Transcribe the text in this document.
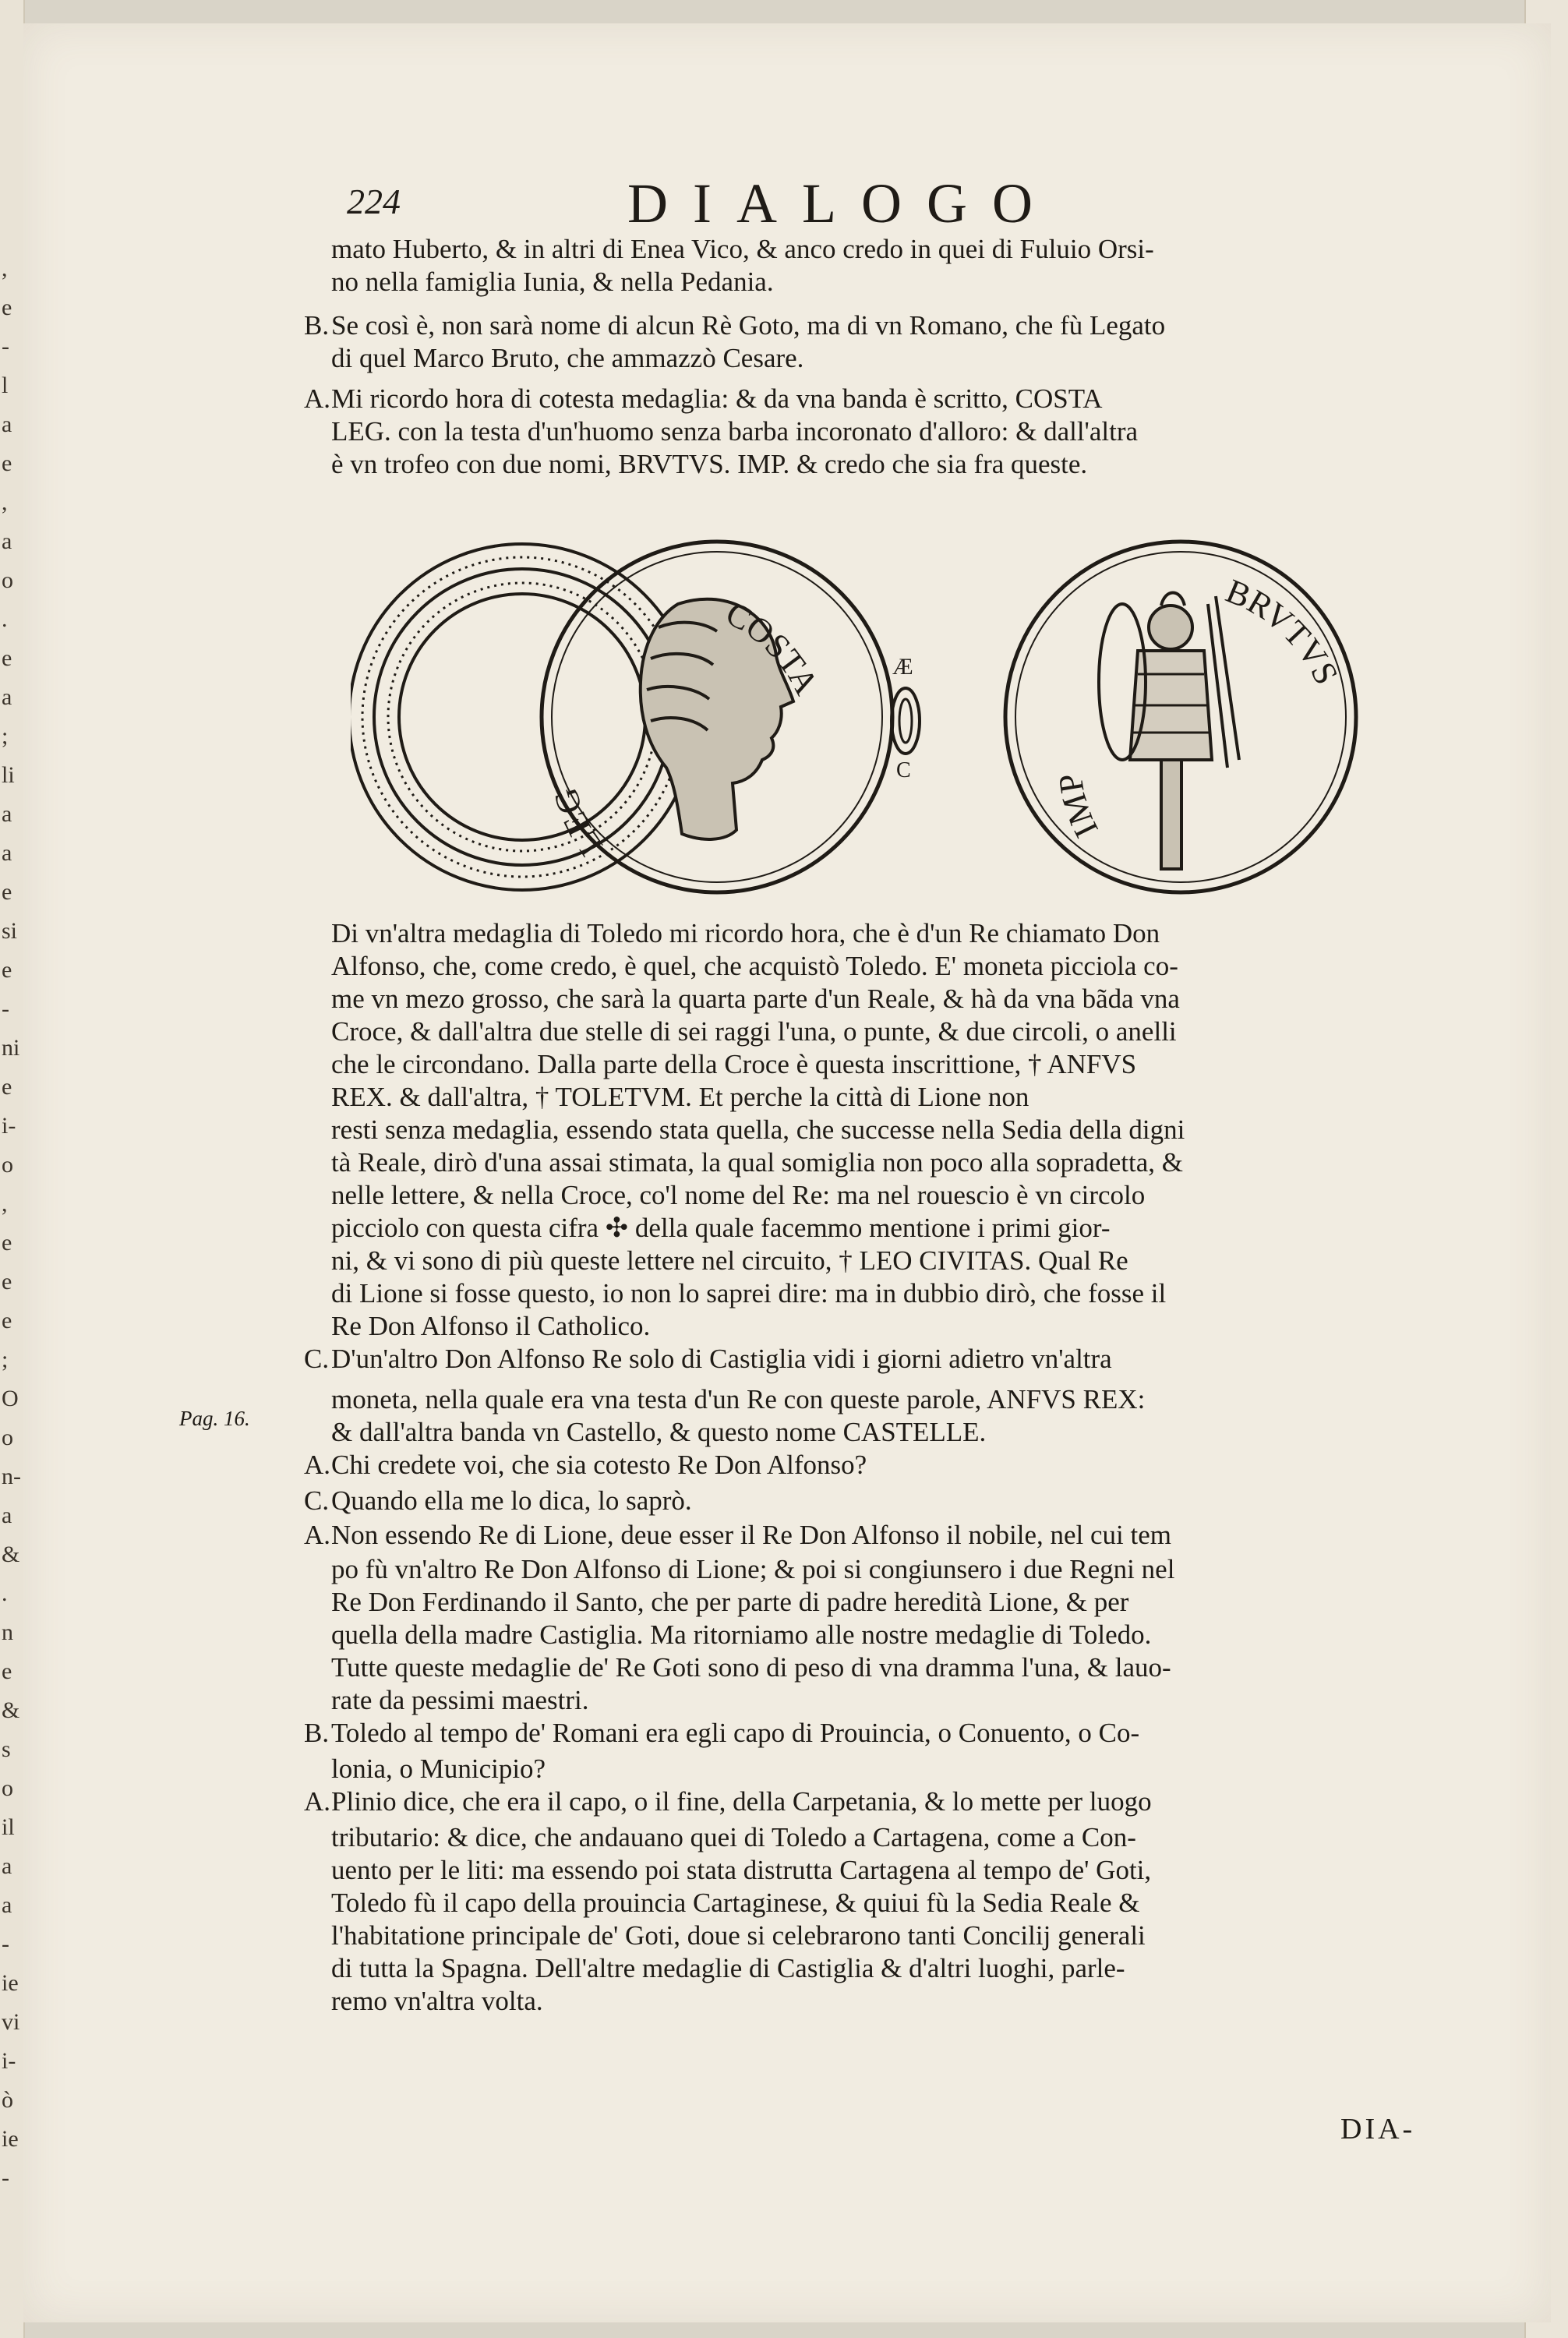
,
e
-
l
a
e
,
a
o
.
e
a
;
li
a
a
e
si
e
-
ni
e
i-
o
,
e
e
e
;
O
o
n-
a
&
.
n
e
&
s
o
il
a
a
-
ie
vi
i-
ò
ie
-
224	DIALOGO
COSTA
LEG
Æ
C
BRVTVS
IMP
mato Huberto, & in altri di Enea Vico, & anco credo in quei di Fuluio Orsi-
no nella famiglia Iunia, & nella Pedania.
B. Se così è, non sarà nome di alcun Rè Goto, ma di vn Romano, che fù Legato
di quel Marco Bruto, che ammazzò Cesare.
A. Mi ricordo hora di cotesta medaglia: & da vna banda è scritto, COSTA
LEG. con la testa d'un'huomo senza barba incoronato d'alloro: & dall'altra
è vn trofeo con due nomi, BRVTVS. IMP. & credo che sia fra queste.
Di vn'altra medaglia di Toledo mi ricordo hora, che è d'un Re chiamato Don
Alfonso, che, come credo, è quel, che acquistò Toledo. E' moneta picciola co-
me vn mezo grosso, che sarà la quarta parte d'un Reale, & hà da vna bãda vna
Croce, & dall'altra due stelle di sei raggi l'una, o punte, & due circoli, o anelli
che le circondano. Dalla parte della Croce è questa inscrittione, † ANFVS
REX. & dall'altra, † TOLETVM. Et perche la città di Lione non
resti senza medaglia, essendo stata quella, che successe nella Sedia della digni
tà Reale, dirò d'una assai stimata, la qual somiglia non poco alla sopradetta, &
nelle lettere, & nella Croce, co'l nome del Re: ma nel rouescio è vn circolo
picciolo con questa cifra ✣ della quale facemmo mentione i primi gior-
ni, & vi sono di più queste lettere nel circuito, † LEO CIVITAS. Qual Re
di Lione si fosse questo, io non lo saprei dire: ma in dubbio dirò, che fosse il
Re Don Alfonso il Catholico.
C. D'un'altro Don Alfonso Re solo di Castiglia vidi i giorni adietro vn'altra
moneta, nella quale era vna testa d'un Re con queste parole, ANFVS REX:
& dall'altra banda vn Castello, & questo nome CASTELLE.
A. Chi credete voi, che sia cotesto Re Don Alfonso?
C. Quando ella me lo dica, lo saprò.
A. Non essendo Re di Lione, deue esser il Re Don Alfonso il nobile, nel cui tem
po fù vn'altro Re Don Alfonso di Lione; & poi si congiunsero i due Regni nel
Re Don Ferdinando il Santo, che per parte di padre heredità Lione, & per
quella della madre Castiglia. Ma ritorniamo alle nostre medaglie di Toledo.
Tutte queste medaglie de' Re Goti sono di peso di vna dramma l'una, & lauo-
rate da pessimi maestri.
B. Toledo al tempo de' Romani era egli capo di Prouincia, o Conuento, o Co-
lonia, o Municipio?
A. Plinio dice, che era il capo, o il fine, della Carpetania, & lo mette per luogo
tributario: & dice, che andauano quei di Toledo a Cartagena, come a Con-
uento per le liti: ma essendo poi stata distrutta Cartagena al tempo de' Goti,
Toledo fù il capo della prouincia Cartaginese, & quiui fù la Sedia Reale &
l'habitatione principale de' Goti, doue si celebrarono tanti Concilij generali
di tutta la Spagna. Dell'altre medaglie di Castiglia & d'altri luoghi, parle-
remo vn'altra volta.
Pag. 16.
DIA-
